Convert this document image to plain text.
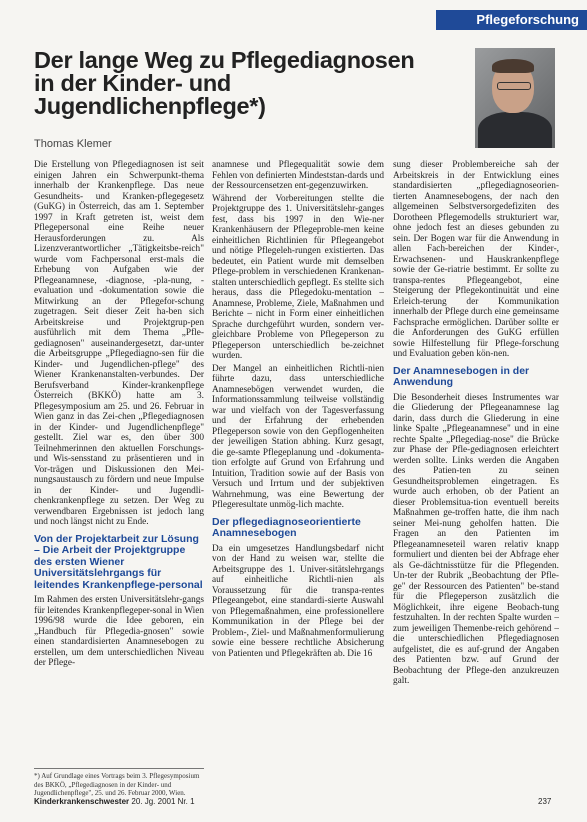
Pflegeforschung
Der lange Weg zu Pflegediagnosen
in der Kinder- und
Jugendlichenpflege*)
Thomas Klemer

Die Erstellung von Pflegediagnosen ist seit einigen Jahren ein Schwerpunkt-thema innerhalb der Krankenpflege. Das neue Gesundheits- und Kranken-pflegegesetz (GuKG) in Österreich, das am 1. September 1997 in Kraft getreten ist, weist dem Pflegepersonal eine Reihe neuer Herausforderungen zu. Als Lizenzverantwortlicher „Tätigkeitsbe-reich" wurde vom Fachpersonal erst-mals die Erhebung von Aufgaben wie der Pflegeanamnese, -diagnose, -pla-nung, -evaluation und -dokumentation sowie die Mitwirkung an der Pflegefor-schung zugetragen. Seit dieser Zeit ha-ben sich Arbeitskreise und Projektgrup-pen ausführlich mit dem Thema „Pfle-gediagnosen" auseinandergesetzt, dar-unter die Arbeitsgruppe „Pflegediagno-sen für die Kinder- und Jugendlichen-pflege" des Wiener Krankenanstalten-verbundes. Der Berufsverband Kinder-krankenpflege Österreich (BKKÖ) hatte am 3. Pflegesymposium am 25. und 26. Februar in Wien ganz in das Zei-chen „Pflegediagnosen in der Kinder- und Jugendlichenpflege" gestellt. Ziel war es, den über 300 Teilnehmerinnen den aktuellen Forschungs- und Wis-sensstand zu präsentieren und in Vor-trägen und Diskussionen den Mei-nungsaustausch zu fördern und neue Impulse in der Kinder- und Jugendli-chenkrankenpflege zu setzen. Der Weg zu verwendbaren Ergebnissen ist jedoch lang und noch längst nicht zu Ende.

Von der Projektarbeit zur Lösung – Die Arbeit der Projektgruppe des ersten Wiener Universitätslehrgangs für leitendes Krankenpflege-personal

Im Rahmen des ersten Universitätslehr-gangs für leitendes Krankenpflegeper-sonal in Wien 1996/98 wurde die Idee geboren, ein „Handbuch für Pflegedia-gnosen" sowie einen standardisierten Anamnesebogen zu erstellen, um dem unterschiedlichen Niveau der Pflege-

anamnese und Pflegequalität sowie dem Fehlen von definierten Mindeststan-dards und der Ressourcensetzen ent-gegenzuwirken.

Während der Vorbereitungen stellte die Projektgruppe des 1. Universitätslehr-ganges fest, dass bis 1997 in den Wie-ner Krankenhäusern der Pflegeproble-men keine einheitlichen Richtlinien für Pflegeangebot und nötige Pflegeleh-rungen existierten. Das bedeutet, ein Patient wurde mit demselben Pflege-problem in verschiedenen Krankenan-stalten unterschiedlich gepflegt. Es stellte sich heraus, dass die Pflegedoku-mentation – Anamnese, Probleme, Ziele, Maßnahmen und Berichte – nicht in Form einer einheitlichen Sprache durchgeführt wurden, sondern ver-gleichbare Probleme von Pflegeperson zu Pflegeperson unterschiedlich be-zeichnet wurden.

Der Mangel an einheitlichen Richtli-nien führte dazu, dass unterschiedliche Anamnesebögen verwendet wurden, die Informationssammlung teilweise vollständig war und vielfach von der Tagesverfassung und der Erfahrung der erhebenden Pflegeperson sowie von den Gepflogenheiten der jeweiligen Station abhing. Kurz gesagt, die ge-samte Pflegeplanung und -dokumenta-tion erfolgte auf Grund von Erfahrung und Intuition, Tradition sowie auf der Basis von Versuch und Irrtum und der subjektiven Wahrnehmung, was eine Bewertung der Pflegeresultate unmög-lich machte.

Der pflegediagnoseorientierte Anamnesebogen

Da ein umgesetzes Handlungsbedarf nicht von der Hand zu weisen war, stellte die Arbeitsgruppe des 1. Univer-sitätslehrgangs auf einheitliche Richtli-nien als Voraussetzung für die transpa-rentes Pflegeangebot, eine standardi-sierte Auswahl von Pflegemaßnahmen, eine professionellere Kommunikation in der Pflege bei der Problem-, Ziel- und Maßnahmenformulierung sowie eine bessere rechtliche Absicherung von Patienten und Pflegekräften ab. Die 16

sung dieser Problembereiche sah der Arbeitskreis in der Entwicklung eines standardisierten „pflegediagnoseorien-tierten Anamnesebogens, der nach den allgemeinen Selbstversorgedefiziten des Dorotheen Pflegemodells strukturiert war, ohne jedoch fest an dieses gebunden zu sein. Der Bogen war für die Anwendung in allen Fach-bereichen der Kinder-, Erwachsenen- und Hauskrankenpflege sowie der Ge-riatrie bestimmt. Er sollte zu transpa-rentes Pflegeangebot, eine Steigerung der Pflegekontinuität und eine Erleich-terung der Kommunikation innerhalb der Pflege durch eine gemeinsame Fachsprache ermöglichen. Darüber sollte er die Anforderungen des GuKG erfüllen sowie Hilfestellung für Pflege-forschung und Evaluation geben kön-nen.

Der Anamnesebogen in der Anwendung

Die Besonderheit dieses Instrumentes war die Gliederung der Pflegeanamnese lag darin, dass durch die Gliederung in eine linke Spalte „Pflegeanamnese" und in eine rechte Spalte „Pflegediag-nose" die Brücke zur Phase der Pfle-gediagnosen erleichtert werden sollte. Links werden die Angaben des Patien-ten zu seinen Gesundheitsproblemen eingetragen. Es wurde auch erhoben, ob der Patient an dieser Problemsitua-tion eventuell bereits Maßnahmen ge-troffen hatte, die ihm nach seiner Mei-nung geholfen hatten. Die Fragen an den Patienten im Pflegeanamneseteil waren relativ knapp formuliert und dienten bei der Abfrage eher als Ge-dächtnisstütze für die Pflegenden. Un-ter der Rubrik „Beobachtung der Pfle-ge" der Ressourcen des Patienten" be-stand für die Pflegeperson zusätzlich die Möglichkeit, ihre eigene Beobach-tung festzuhalten. In der rechten Spalte wurden – zum jeweiligen Themenbe-reich gehörend – die unterschiedlichen Pflegediagnosen aufgelistet, die es auf-grund der Angaben des Patienten bzw. auf Grund der Beobachtung der Pflege-den anzukreuzen galt.

*) Auf Grundlage eines Vortrags beim 3. Pflegesymposium des BKKÖ, „Pflegediagnosen in der Kinder- und Jugendlichenpflege", 25. und 26. Februar 2000, Wien.
Kinderkrankenschwester 20. Jg. 2001 Nr. 1	237
